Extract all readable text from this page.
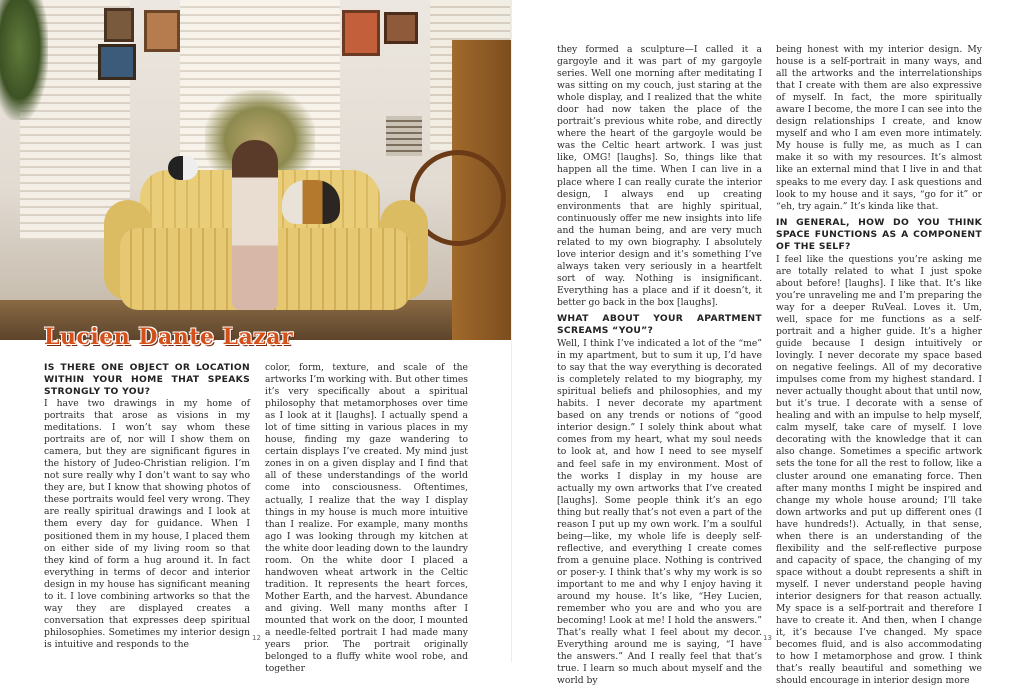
Lucien Dante Lazar
IS THERE ONE OBJECT OR LOCATION WITHIN YOUR HOME THAT SPEAKS STRONGLY TO YOU?

I have two drawings in my home of portraits that arose as visions in my meditations. I won’t say whom these portraits are of, nor will I show them on camera, but they are significant figures in the history of Judeo-Christian religion. I’m not sure really why I don’t want to say who they are, but I know that showing photos of these portraits would feel very wrong. They are really spiritual drawings and I look at them every day for guidance. When I positioned them in my house, I placed them on either side of my living room so that they kind of form a hug around it. In fact everything in terms of decor and interior design in my house has significant meaning to it. I love combining artworks so that the way they are displayed creates a conversation that expresses deep spiritual philosophies. Sometimes my interior design is intuitive and responds to the

color, form, texture, and scale of the artworks I’m working with. But other times it’s very specifically about a spiritual philosophy that metamorphoses over time as I look at it [laughs]. I actually spend a lot of time sitting in various places in my house, finding my gaze wandering to certain displays I’ve created. My mind just zones in on a given display and I find that all of these understandings of the world come into consciousness. Oftentimes, actually, I realize that the way I display things in my house is much more intuitive than I realize. For example, many months ago I was looking through my kitchen at the white door leading down to the laundry room. On the white door I placed a handwoven wheat artwork in the Celtic tradition. It represents the heart forces, Mother Earth, and the harvest. Abundance and giving. Well many months after I mounted that work on the door, I mounted a needle-felted portrait I had made many years prior. The portrait originally belonged to a fluffy white wool robe, and together

12

they formed a sculpture—I called it a gargoyle and it was part of my gargoyle series. Well one morning after meditating I was sitting on my couch, just staring at the whole display, and I realized that the white door had now taken the place of the portrait’s previous white robe, and directly where the heart of the gargoyle would be was the Celtic heart artwork. I was just like, OMG! [laughs]. So, things like that happen all the time. When I can live in a place where I can really curate the interior design, I always end up creating environments that are highly spiritual, continuously offer me new insights into life and the human being, and are very much related to my own biography. I absolutely love interior design and it’s something I’ve always taken very seriously in a heartfelt sort of way. Nothing is insignificant. Everything has a place and if it doesn’t, it better go back in the box [laughs].

WHAT ABOUT YOUR APARTMENT SCREAMS “YOU”?

Well, I think I’ve indicated a lot of the “me” in my apartment, but to sum it up, I’d have to say that the way everything is decorated is completely related to my biography, my spiritual beliefs and philosophies, and my habits. I never decorate my apartment based on any trends or notions of “good interior design.” I solely think about what comes from my heart, what my soul needs to look at, and how I need to see myself and feel safe in my environment. Most of the works I display in my house are actually my own artworks that I’ve created [laughs]. Some people think it’s an ego thing but really that’s not even a part of the reason I put up my own work. I’m a soulful being—like, my whole life is deeply self-reflective, and everything I create comes from a genuine place. Nothing is contrived or poser-y. I think that’s why my work is so important to me and why I enjoy having it around my house. It’s like, “Hey Lucien, remember who you are and who you are becoming! Look at me! I hold the answers.” That’s really what I feel about my decor. Everything around me is saying, “I have the answers.” And I really feel that that’s true. I learn so much about myself and the world by

being honest with my interior design. My house is a self-portrait in many ways, and all the artworks and the interrelationships that I create with them are also expressive of myself. In fact, the more spiritually aware I become, the more I can see into the design relationships I create, and know myself and who I am even more intimately. My house is fully me, as much as I can make it so with my resources. It’s almost like an external mind that I live in and that speaks to me every day. I ask questions and look to my house and it says, “go for it” or “eh, try again.” It’s kinda like that.

IN GENERAL, HOW DO YOU THINK SPACE FUNCTIONS AS A COMPONENT OF THE SELF?

I feel like the questions you’re asking me are totally related to what I just spoke about before! [laughs]. I like that. It’s like you’re unraveling me and I’m preparing the way for a deeper RuVeal. Loves it. Um, well, space for me functions as a self-portrait and a higher guide. It’s a higher guide because I design intuitively or lovingly. I never decorate my space based on negative feelings. All of my decorative impulses come from my highest standard. I never actually thought about that until now, but it’s true. I decorate with a sense of healing and with an impulse to help myself, calm myself, take care of myself. I love decorating with the knowledge that it can also change. Sometimes a specific artwork sets the tone for all the rest to follow, like a cluster around one emanating force. Then after many months I might be inspired and change my whole house around; I’ll take down artworks and put up different ones (I have hundreds!). Actually, in that sense, when there is an understanding of the flexibility and the self-reflective purpose and capacity of space, the changing of my space without a doubt represents a shift in myself. I never understand people having interior designers for that reason actually. My space is a self-portrait and therefore I have to create it. And then, when I change it, it’s because I’ve changed. My space becomes fluid, and is also accommodating to how I metamorphose and grow. I think that’s really beautiful and something we should encourage in interior design more

13
